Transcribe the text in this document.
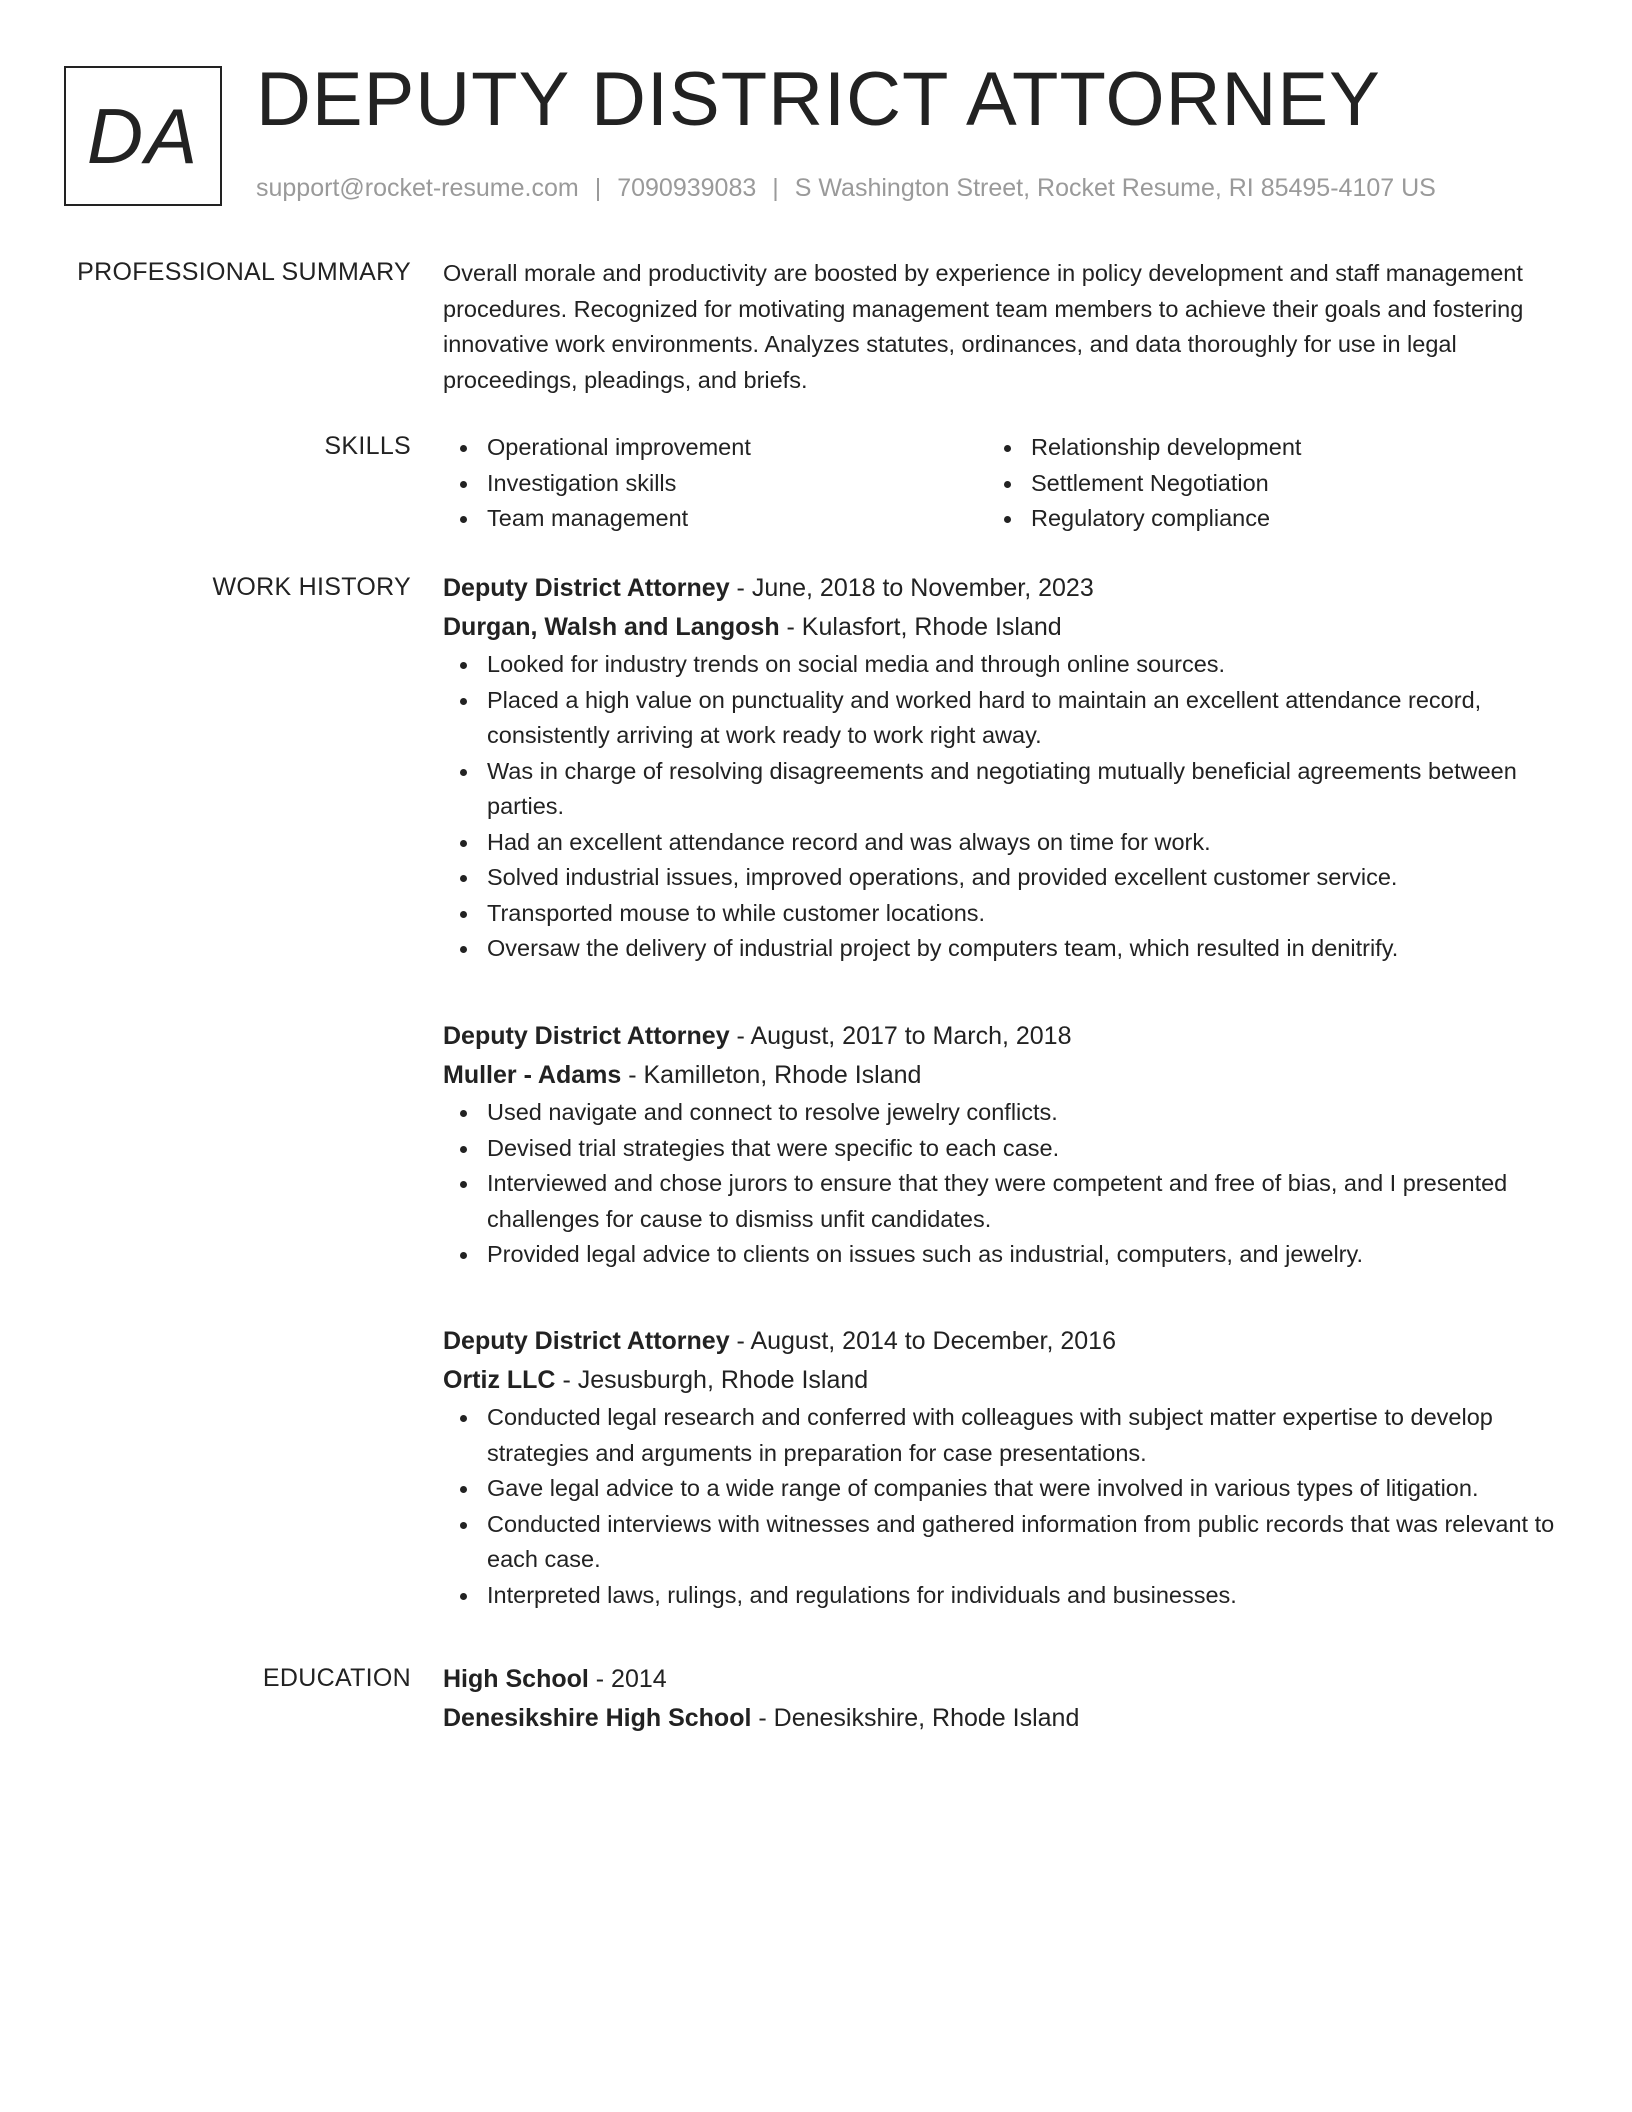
DA DEPUTY DISTRICT ATTORNEY
support@rocket-resume.com | 7090939083 | S Washington Street, Rocket Resume, RI 85495-4107 US
PROFESSIONAL SUMMARY Overall morale and productivity are boosted by experience in policy development and staff management procedures. Recognized for motivating management team members to achieve their goals and fostering innovative work environments. Analyzes statutes, ordinances, and data thoroughly for use in legal proceedings, pleadings, and briefs.

SKILLS	Operational improvement
Investigation skills
Team management
Relationship development
Settlement Negotiation
Regulatory compliance
WORK HISTORY Deputy District Attorney - June, 2018 to November, 2023
Durgan, Walsh and Langosh - Kulasfort, Rhode Island
Looked for industry trends on social media and through online sources.
Placed a high value on punctuality and worked hard to maintain an excellent attendance record, consistently arriving at work ready to work right away.
Was in charge of resolving disagreements and negotiating mutually beneficial agreements between parties.
Had an excellent attendance record and was always on time for work.
Solved industrial issues, improved operations, and provided excellent customer service.
Transported mouse to while customer locations.
Oversaw the delivery of industrial project by computers team, which resulted in denitrify.
Deputy District Attorney - August, 2017 to March, 2018
Muller - Adams - Kamilleton, Rhode Island
Used navigate and connect to resolve jewelry conflicts.
Devised trial strategies that were specific to each case.
Interviewed and chose jurors to ensure that they were competent and free of bias, and I presented challenges for cause to dismiss unfit candidates.
Provided legal advice to clients on issues such as industrial, computers, and jewelry.
Deputy District Attorney - August, 2014 to December, 2016
Ortiz LLC - Jesusburgh, Rhode Island
Conducted legal research and conferred with colleagues with subject matter expertise to develop strategies and arguments in preparation for case presentations.
Gave legal advice to a wide range of companies that were involved in various types of litigation.
Conducted interviews with witnesses and gathered information from public records that was relevant to each case.
Interpreted laws, rulings, and regulations for individuals and businesses.
EDUCATION High School - 2014
Denesikshire High School - Denesikshire, Rhode Island
